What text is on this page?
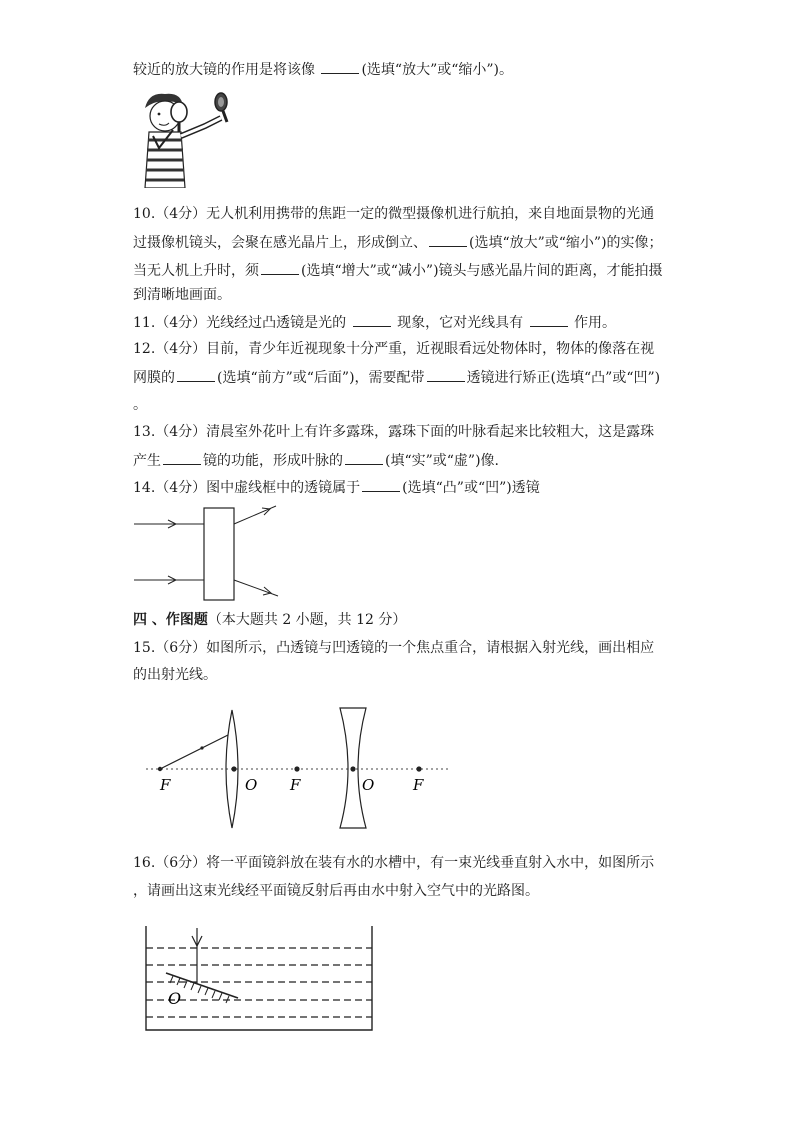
较近的放大镜的作用是将该像	(选填“放大”或“缩小”)。
10.（4分）无人机利用携带的焦距一定的微型摄像机进行航拍，来自地面景物的光通
过摄像机镜头，会聚在感光晶片上，形成倒立、	(选填“放大”或“缩小”)的实像；
当无人机上升时，须	(选填“增大”或“减小”)镜头与感光晶片间的距离，才能拍摄
到清晰地画面。
11.（4分）光线经过凸透镜是光的	现象，它对光线具有	作用。
12.（4分）目前，青少年近视现象十分严重，近视眼看远处物体时，物体的像落在视
网膜的	(选填“前方”或“后面”)，需要配带	透镜进行矫正(选填“凸”或“凹”)
。
13.（4分）清晨室外花叶上有许多露珠，露珠下面的叶脉看起来比较粗大，这是露珠
产生	镜的功能，形成叶脉的	(填“实”或“虚”)像.
14.（4分）图中虚线框中的透镜属于	(选填“凸”或“凹”)透镜
四 、作图题（本大题共 2 小题，共 12 分）
15.（6分）如图所示，凸透镜与凹透镜的一个焦点重合，请根据入射光线，画出相应
的出射光线。
F	O F	O	F
16.（6分）将一平面镜斜放在装有水的水槽中，有一束光线垂直射入水中，如图所示
，请画出这束光线经平面镜反射后再由水中射入空气中的光路图。
O
